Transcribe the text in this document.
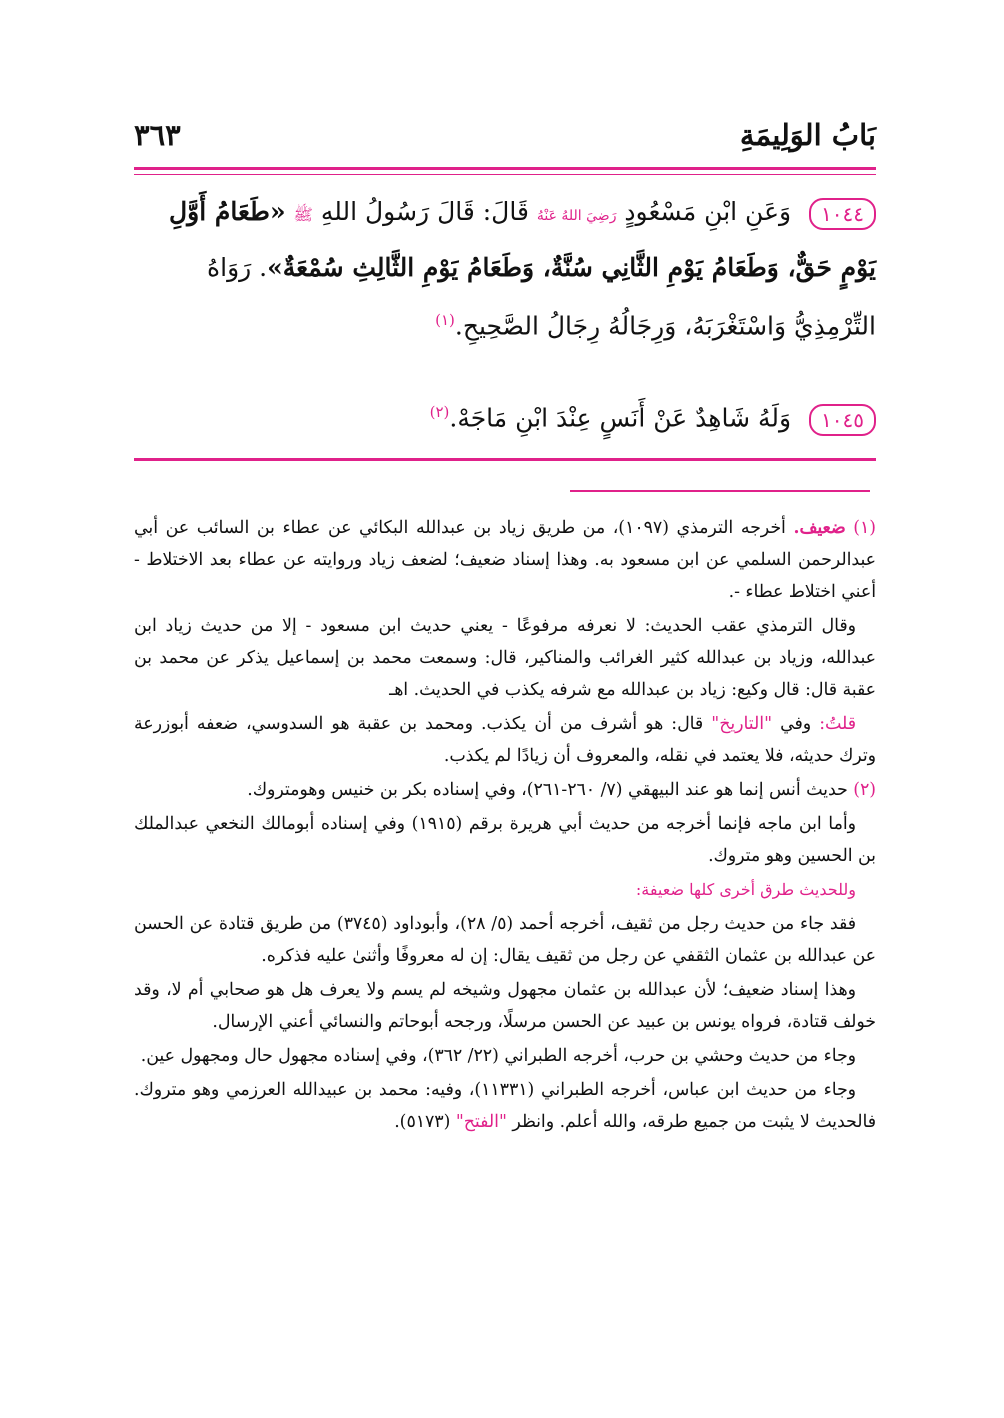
بَابُ الوَلِيمَةِ
٣٦٣
١٠٤٤ وَعَنِ ابْنِ مَسْعُودٍ رَضِيَ اللهُ عَنْهُ قَالَ: قَالَ رَسُولُ اللهِ ﷺ «طَعَامُ أَوَّلِ يَوْمٍ حَقٌّ، وَطَعَامُ يَوْمِ الثَّانِي سُنَّةٌ، وَطَعَامُ يَوْمِ الثَّالِثِ سُمْعَةٌ». رَوَاهُ التِّرْمِذِيُّ وَاسْتَغْرَبَهُ، وَرِجَالُهُ رِجَالُ الصَّحِيحِ.$^{(١)}$
١٠٤٥ وَلَهُ شَاهِدٌ عَنْ أَنَسٍ عِنْدَ ابْنِ مَاجَهْ.$^{(٢)}$

(١) ضعيف. أخرجه الترمذي (١٠٩٧)، من طريق زياد بن عبدالله البكائي عن عطاء بن السائب عن أبي عبدالرحمن السلمي عن ابن مسعود به. وهذا إسناد ضعيف؛ لضعف زياد وروايته عن عطاء بعد الاختلاط - أعني اختلاط عطاء -.

وقال الترمذي عقب الحديث: لا نعرفه مرفوعًا - يعني حديث ابن مسعود - إلا من حديث زياد ابن عبدالله، وزياد بن عبدالله كثير الغرائب والمناكير، قال: وسمعت محمد بن إسماعيل يذكر عن محمد بن عقبة قال: قال وكيع: زياد بن عبدالله مع شرفه يكذب في الحديث. اهـ

قلتُ: وفي "التاريخ" قال: هو أشرف من أن يكذب. ومحمد بن عقبة هو السدوسي، ضعفه أبوزرعة وترك حديثه، فلا يعتمد في نقله، والمعروف أن زيادًا لم يكذب.

(٢) حديث أنس إنما هو عند البيهقي (٧/ ٢٦٠-٢٦١)، وفي إسناده بكر بن خنيس وهومتروك.

وأما ابن ماجه فإنما أخرجه من حديث أبي هريرة برقم (١٩١٥) وفي إسناده أبومالك النخعي عبدالملك بن الحسين وهو متروك.

وللحديث طرق أخرى كلها ضعيفة:

فقد جاء من حديث رجل من ثقيف، أخرجه أحمد (٥/ ٢٨)، وأبوداود (٣٧٤٥) من طريق قتادة عن الحسن عن عبدالله بن عثمان الثقفي عن رجل من ثقيف يقال: إن له معروفًا وأثنىٰ عليه فذكره.

وهذا إسناد ضعيف؛ لأن عبدالله بن عثمان مجهول وشيخه لم يسم ولا يعرف هل هو صحابي أم لا، وقد خولف قتادة، فرواه يونس بن عبيد عن الحسن مرسلًا، ورجحه أبوحاتم والنسائي أعني الإرسال.

وجاء من حديث وحشي بن حرب، أخرجه الطبراني (٢٢/ ٣٦٢)، وفي إسناده مجهول حال ومجهول عين.

وجاء من حديث ابن عباس، أخرجه الطبراني (١١٣٣١)، وفيه: محمد بن عبيدالله العرزمي وهو متروك. فالحديث لا يثبت من جميع طرقه، والله أعلم. وانظر "الفتح" (٥١٧٣).
